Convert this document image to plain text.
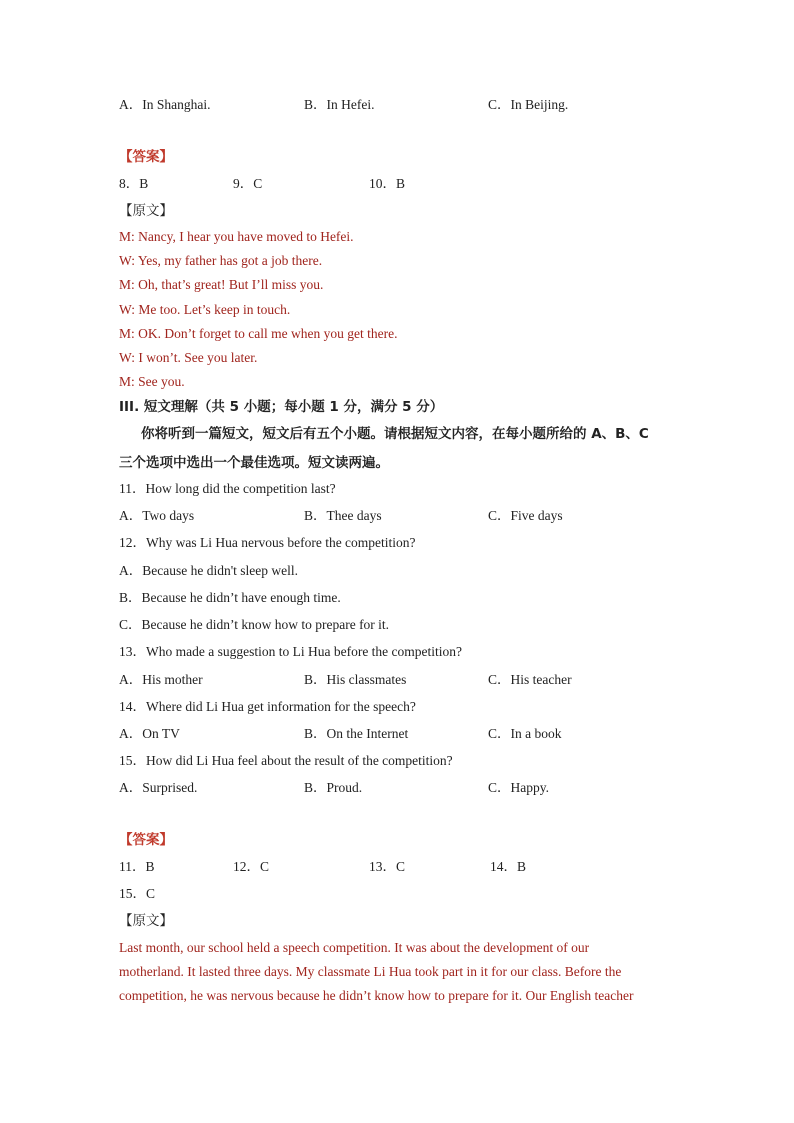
A．In Shanghai.	B．In Hefei.	C．In Beijing.
【答案】
8．B	9．C	10．B
【原文】
M: Nancy, I hear you have moved to Hefei.
W: Yes, my father has got a job there.
M: Oh, that’s great! But I’ll miss you.
W: Me too. Let’s keep in touch.
M: OK. Don’t forget to call me when you get there.
W: I won’t. See you later.
M: See you.
III. 短文理解（共 5 小题；每小题 1 分，满分 5 分）
你将听到一篇短文，短文后有五个小题。请根据短文内容，在每小题所给的 A、B、C
三个选项中选出一个最佳选项。短文读两遍。
11．How long did the competition last?
A．Two days	B．Thee days	C．Five days
12．Why was Li Hua nervous before the competition?
A．Because he didn't sleep well.
B．Because he didn’t have enough time.
C．Because he didn’t know how to prepare for it.
13．Who made a suggestion to Li Hua before the competition?
A．His mother	B．His classmates	C．His teacher
14．Where did Li Hua get information for the speech?
A．On TV	B．On the Internet	C．In a book
15．How did Li Hua feel about the result of the competition?
A．Surprised.	B．Proud.	C．Happy.
【答案】
11．B	12．C	13．C	14．B
15．C
【原文】
Last month, our school held a speech competition. It was about the development of our
motherland. It lasted three days. My classmate Li Hua took part in it for our class. Before the
competition, he was nervous because he didn’t know how to prepare for it. Our English teacher
